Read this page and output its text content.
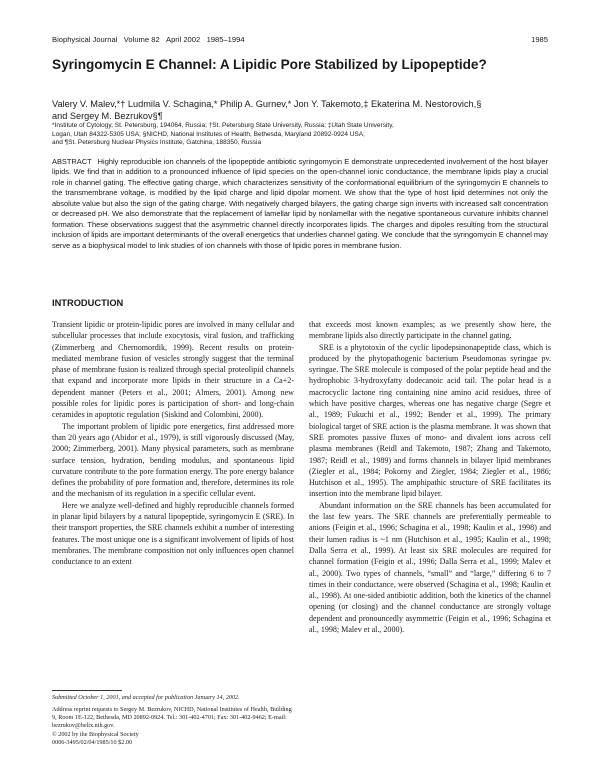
Biophysical Journal Volume 82 April 2002 1985–1994	1985
Syringomycin E Channel: A Lipidic Pore Stabilized by Lipopeptide?
Valery V. Malev,*† Ludmila V. Schagina,* Philip A. Gurnev,* Jon Y. Takemoto,‡ Ekaterina M. Nestorovich,§
and Sergey M. Bezrukov§¶
*Institute of Cytology, St. Petersburg, 194064, Russia; †St. Petersburg State University, Russia; ‡Utah State University,
Logan, Utah 84322-5305 USA; §NICHD, National Institutes of Health, Bethesda, Maryland 20892-0924 USA;
and ¶St. Petersburg Nuclear Physics Institute, Gatchina, 188350, Russia
ABSTRACT Highly reproducible ion channels of the lipopeptide antibiotic syringomycin E demonstrate unprecedented involvement of the host bilayer lipids. We find that in addition to a pronounced influence of lipid species on the open-channel ionic conductance, the membrane lipids play a crucial role in channel gating. The effective gating charge, which characterizes sensitivity of the conformational equilibrium of the syringomycin E channels to the transmembrane voltage, is modified by the lipid charge and lipid dipolar moment. We show that the type of host lipid determines not only the absolute value but also the sign of the gating charge. With negatively charged bilayers, the gating charge sign inverts with increased salt concentration or decreased pH. We also demonstrate that the replacement of lamellar lipid by nonlamellar with the negative spontaneous curvature inhibits channel formation. These observations suggest that the asymmetric channel directly incorporates lipids. The charges and dipoles resulting from the structural inclusion of lipids are important determinants of the overall energetics that underlies channel gating. We conclude that the syringomycin E channel may serve as a biophysical model to link studies of ion channels with those of lipidic pores in membrane fusion.
INTRODUCTION

Transient lipidic or protein-lipidic pores are involved in many cellular and subcellular processes that include exocytosis, viral fusion, and trafficking (Zimmerberg and Chernomordik, 1999). Recent results on protein-mediated membrane fusion of vesicles strongly suggest that the terminal phase of membrane fusion is realized through special proteolipid channels that expand and incorporate more lipids in their structure in a Ca+2-dependent manner (Peters et al., 2001; Almers, 2001). Among new possible roles for lipidic pores is participation of short- and long-chain ceramides in apoptotic regulation (Siskind and Colombini, 2000).

The important problem of lipidic pore energetics, first addressed more than 20 years ago (Abidor et al., 1979), is still vigorously discussed (May, 2000; Zimmerberg, 2001). Many physical parameters, such as membrane surface tension, hydration, bending modulus, and spontaneous lipid curvature contribute to the pore formation energy. The pore energy balance defines the probability of pore formation and, therefore, determines its role and the mechanism of its regulation in a specific cellular event.

Here we analyze well-defined and highly reproducible channels formed in planar lipid bilayers by a natural lipopeptide, syringomycin E (SRE). In their transport properties, the SRE channels exhibit a number of interesting features. The most unique one is a significant involvement of lipids of host membranes. The membrane composition not only influences open channel conductance to an extent

that exceeds most known examples; as we presently show here, the membrane lipids also directly participate in the channel gating.

SRE is a phytotoxin of the cyclic lipodepsinonapeptide class, which is produced by the phytopathogenic bacterium Pseudomonas syringae pv. syringae. The SRE molecule is composed of the polar peptide head and the hydrophobic 3-hydroxyfatty dodecanoic acid tail. The polar head is a macrocyclic lactone ring containing nine amino acid residues, three of which have positive charges, whereas one has negative charge (Segre et al., 1989; Fukuchi et al., 1992; Bender et al., 1999). The primary biological target of SRE action is the plasma membrane. It was shown that SRE promotes passive fluxes of mono- and divalent ions across cell plasma membranes (Reidl and Takemoto, 1987; Zhang and Takemoto, 1987; Reidl et al., 1989) and forms channels in bilayer lipid membranes (Ziegler et al., 1984; Pokorny and Ziegler, 1984; Ziegler et al., 1986; Hutchison et al., 1995). The amphipathic structure of SRE facilitates its insertion into the membrane lipid bilayer.

Abundant information on the SRE channels has been accumulated for the last few years. The SRE channels are preferentially permeable to anions (Feigin et al., 1996; Schagina et al., 1998; Kaulin et al., 1998) and their lumen radius is ~1 nm (Hutchison et al., 1995; Kaulin et al., 1998; Dalla Serra et al., 1999). At least six SRE molecules are required for channel formation (Feigin et al., 1996; Dalla Serra et al., 1999; Malev et al., 2000). Two types of channels, “small” and “large,” differing 6 to 7 times in their conductance, were observed (Schagina et al., 1998; Kaulin et al., 1998). At one-sided antibiotic addition, both the kinetics of the channel opening (or closing) and the channel conductance are strongly voltage dependent and pronouncedly asymmetric (Feigin et al., 1996; Schagina et al., 1998; Malev et al., 2000).

Submitted October 1, 2001, and accepted for publication January 14, 2002.

Address reprint requests to Sergey M. Bezrukov, NICHD, National Institutes of Health, Building 9, Room 1E-122, Bethesda, MD 20892-0924. Tel.: 301-402-4701; Fax: 301-402-9462; E-mail: bezrukov@helix.nih.gov.

© 2002 by the Biophysical Society

0006-3495/02/04/1985/10 $2.00
